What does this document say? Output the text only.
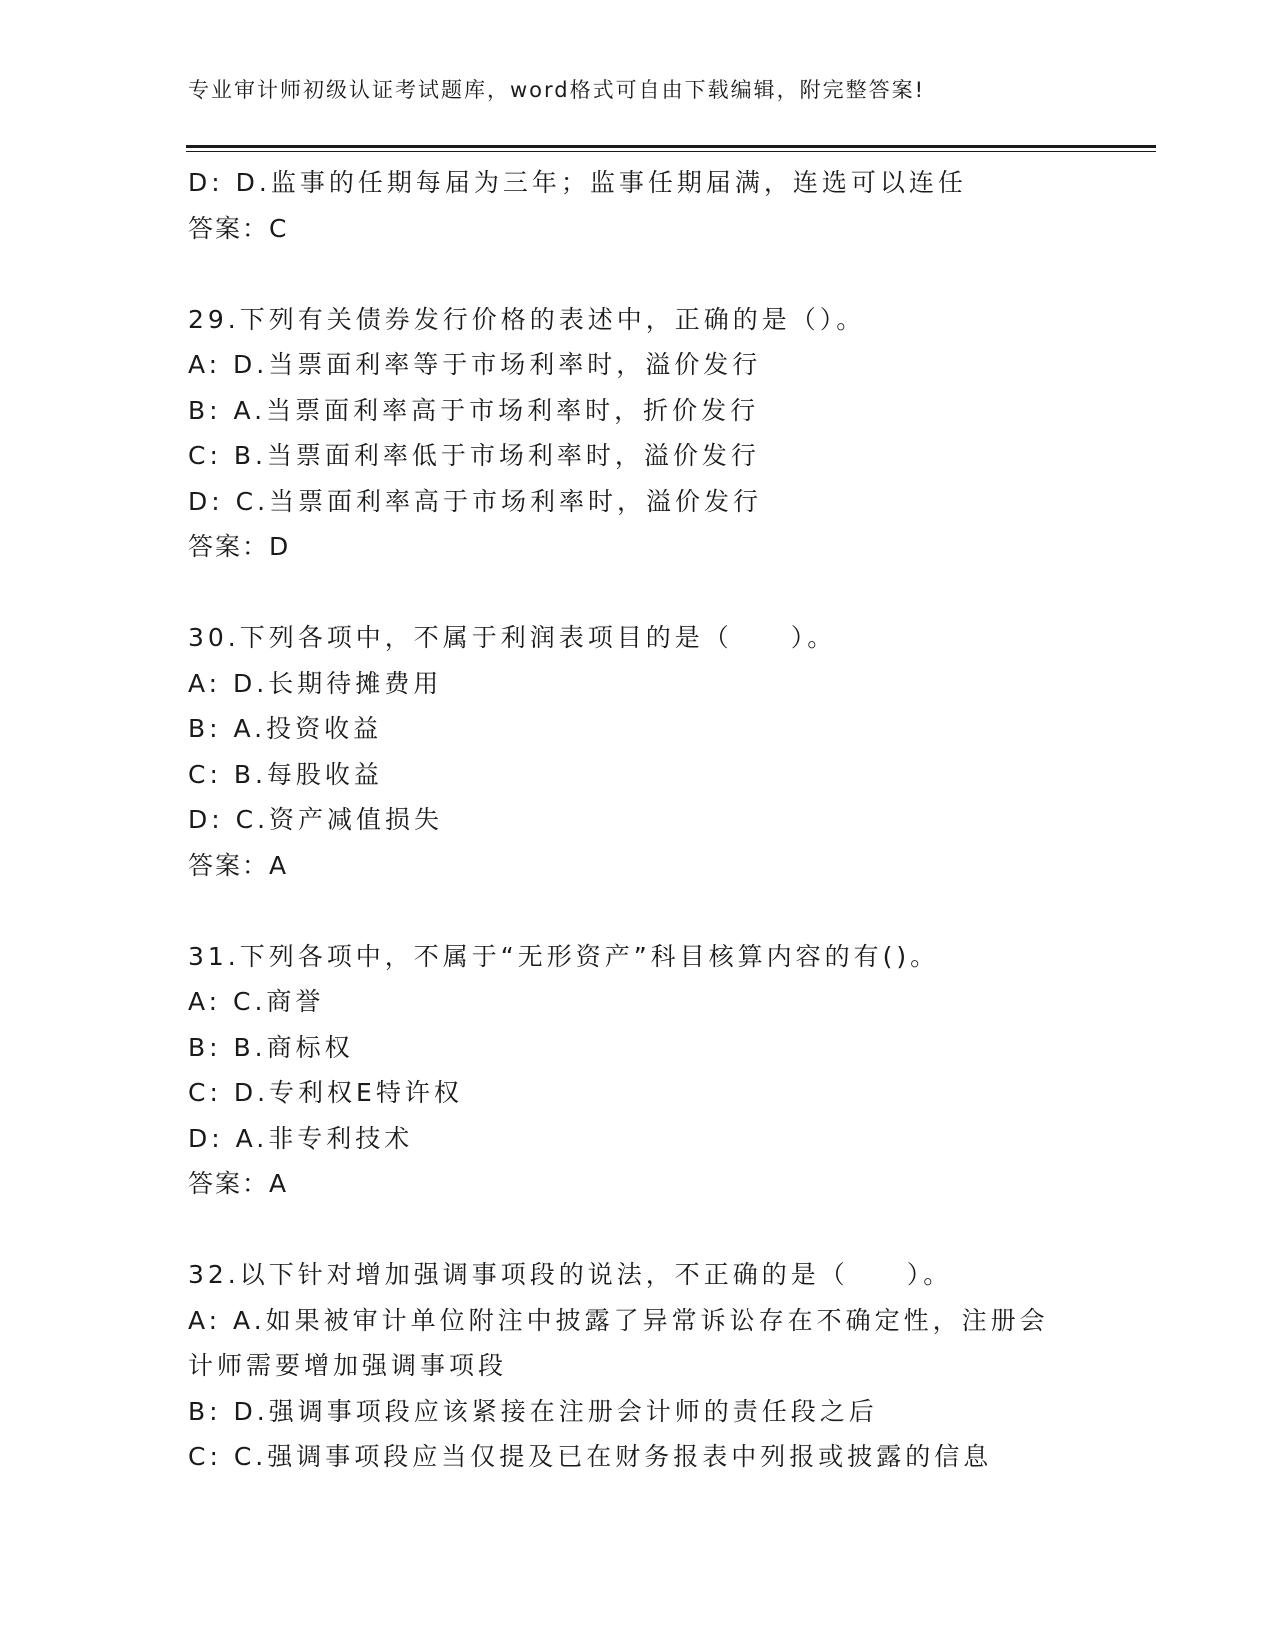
专业审计师初级认证考试题库，word格式可自由下载编辑，附完整答案!
D: D.监事的任期每届为三年；监事任期届满，连选可以连任
答案：C
29.下列有关债券发行价格的表述中，正确的是（）。
A: D.当票面利率等于市场利率时，溢价发行
B: A.当票面利率高于市场利率时，折价发行
C: B.当票面利率低于市场利率时，溢价发行
D: C.当票面利率高于市场利率时，溢价发行
答案：D
30.下列各项中，不属于利润表项目的是（　　）。
A: D.长期待摊费用
B: A.投资收益
C: B.每股收益
D: C.资产减值损失
答案：A
31.下列各项中，不属于“无形资产”科目核算内容的有()。
A: C.商誉
B: B.商标权
C: D.专利权E特许权
D: A.非专利技术
答案：A
32.以下针对增加强调事项段的说法，不正确的是（　　）。
A: A.如果被审计单位附注中披露了异常诉讼存在不确定性，注册会计师需要增加强调事项段
B: D.强调事项段应该紧接在注册会计师的责任段之后
C: C.强调事项段应当仅提及已在财务报表中列报或披露的信息
